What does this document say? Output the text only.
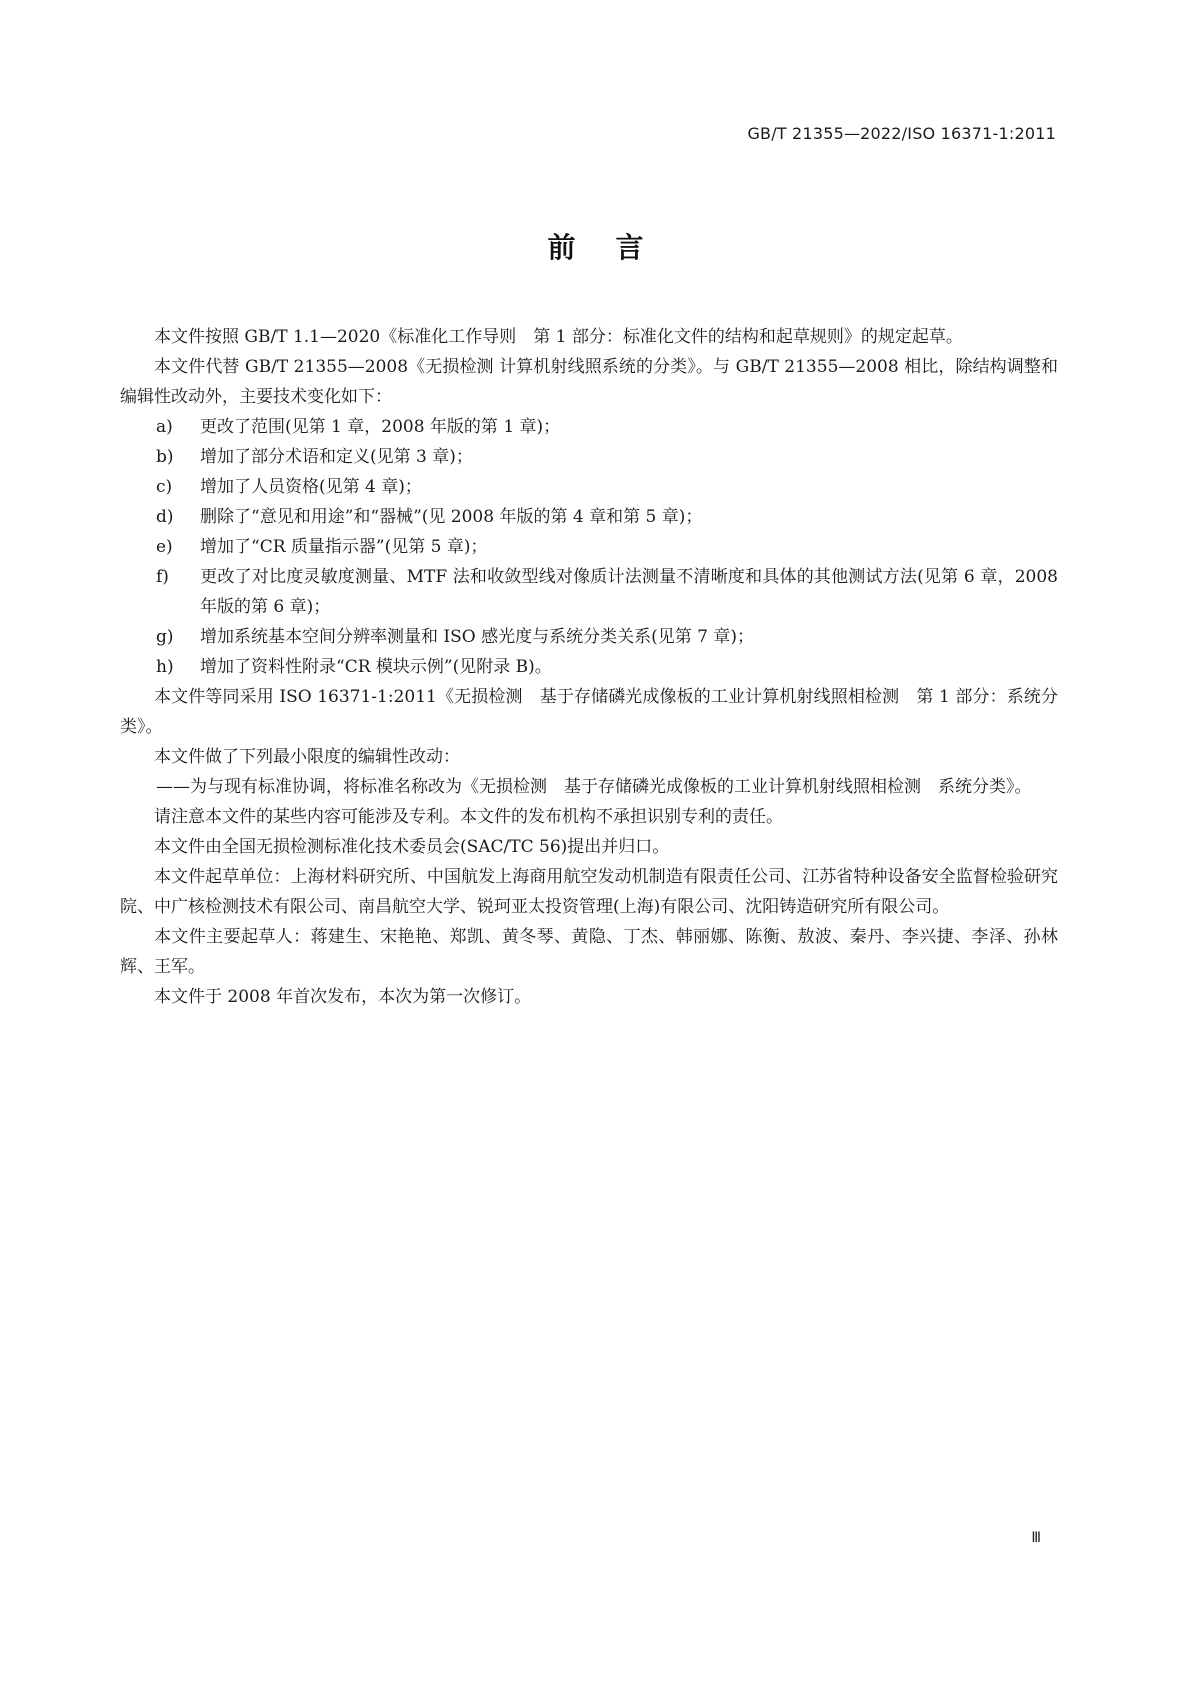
GB/T 21355—2022/ISO 16371-1:2011
前言

本文件按照 GB/T 1.1—2020《标准化工作导则　第 1 部分：标准化文件的结构和起草规则》的规定起草。

本文件代替 GB/T 21355—2008《无损检测 计算机射线照系统的分类》。与 GB/T 21355—2008 相比，除结构调整和编辑性改动外，主要技术变化如下：

a) 更改了范围(见第 1 章，2008 年版的第 1 章)；

b) 增加了部分术语和定义(见第 3 章)；

c) 增加了人员资格(见第 4 章)；

d) 删除了“意见和用途”和“器械”(见 2008 年版的第 4 章和第 5 章)；

e) 增加了“CR 质量指示器”(见第 5 章)；

f) 更改了对比度灵敏度测量、MTF 法和收敛型线对像质计法测量不清晰度和具体的其他测试方法(见第 6 章，2008 年版的第 6 章)；

g) 增加系统基本空间分辨率测量和 ISO 感光度与系统分类关系(见第 7 章)；

h) 增加了资料性附录“CR 模块示例”(见附录 B)。

本文件等同采用 ISO 16371-1:2011《无损检测　基于存储磷光成像板的工业计算机射线照相检测　第 1 部分：系统分类》。

本文件做了下列最小限度的编辑性改动：

——为与现有标准协调，将标准名称改为《无损检测　基于存储磷光成像板的工业计算机射线照相检测　系统分类》。

请注意本文件的某些内容可能涉及专利。本文件的发布机构不承担识别专利的责任。

本文件由全国无损检测标准化技术委员会(SAC/TC 56)提出并归口。

本文件起草单位：上海材料研究所、中国航发上海商用航空发动机制造有限责任公司、江苏省特种设备安全监督检验研究院、中广核检测技术有限公司、南昌航空大学、锐珂亚太投资管理(上海)有限公司、沈阳铸造研究所有限公司。

本文件主要起草人：蒋建生、宋艳艳、郑凯、黄冬琴、黄隐、丁杰、韩丽娜、陈衡、敖波、秦丹、李兴捷、李泽、孙林辉、王军。

本文件于 2008 年首次发布，本次为第一次修订。

Ⅲ
